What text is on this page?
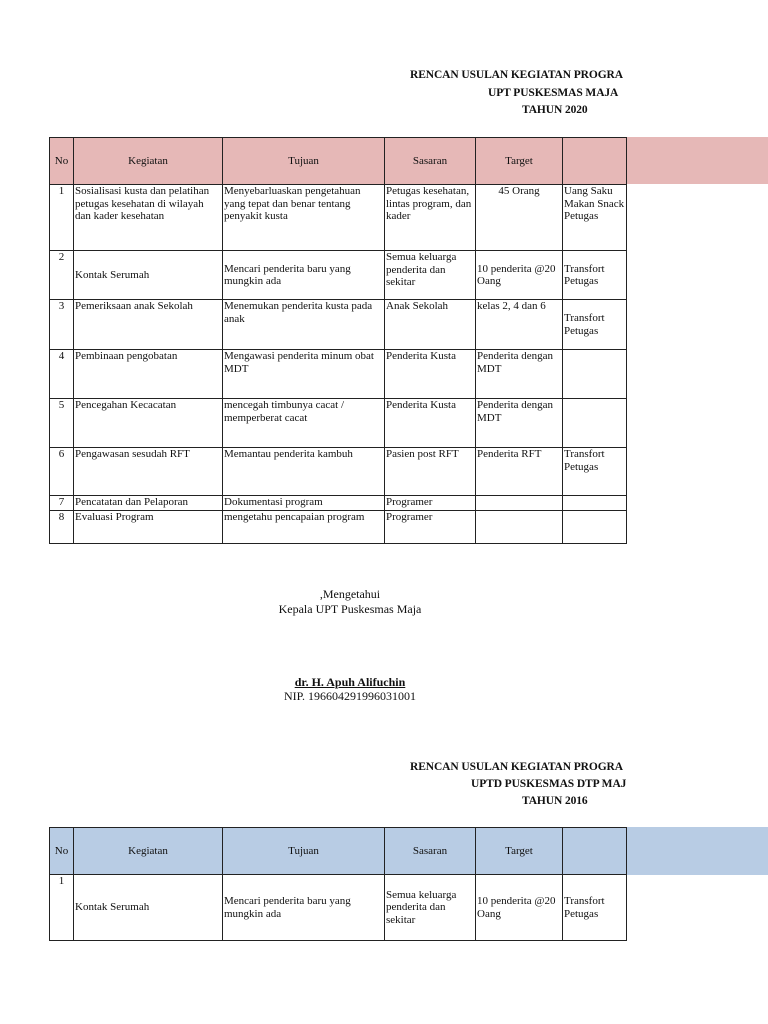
RENCAN USULAN KEGIATAN PROGRA
UPT PUSKESMAS MAJA
TAHUN 2020
No	Kegiatan	Tujuan	Sasaran	Target	
1	Sosialisasi kusta dan pelatihan petugas kesehatan di wilayah dan kader kesehatan	Menyebarluaskan pengetahuan yang tepat dan benar tentang penyakit kusta	Petugas kesehatan, lintas program, dan kader	45 Orang	Uang Saku Makan Snack Petugas
2	Kontak Serumah	Mencari penderita baru yang mungkin ada	Semua keluarga penderita dan sekitar	10 penderita @20 Oang	Transfort Petugas
3	Pemeriksaan anak Sekolah	Menemukan penderita kusta pada anak	Anak Sekolah	kelas 2, 4 dan 6	Transfort Petugas
4	Pembinaan pengobatan	Mengawasi penderita minum obat MDT	Penderita Kusta	Penderita dengan MDT	
5	Pencegahan Kecacatan	mencegah timbunya cacat / memperberat cacat	Penderita Kusta	Penderita dengan MDT	
6	Pengawasan sesudah RFT	Memantau penderita kambuh	Pasien post RFT	Penderita RFT	Transfort Petugas
7	Pencatatan dan Pelaporan	Dokumentasi program	Programer		
8	Evaluasi Program	mengetahu pencapaian program	Programer		
,Mengetahui
Kepala UPT Puskesmas Maja
dr. H. Apuh Alifuchin
NIP. 196604291996031001
RENCAN USULAN KEGIATAN PROGRA
UPTD PUSKESMAS DTP MAJ
TAHUN 2016
No	Kegiatan	Tujuan	Sasaran	Target	
1	Kontak Serumah	Mencari penderita baru yang mungkin ada	Semua keluarga penderita dan sekitar	10 penderita @20 Oang	Transfort Petugas
